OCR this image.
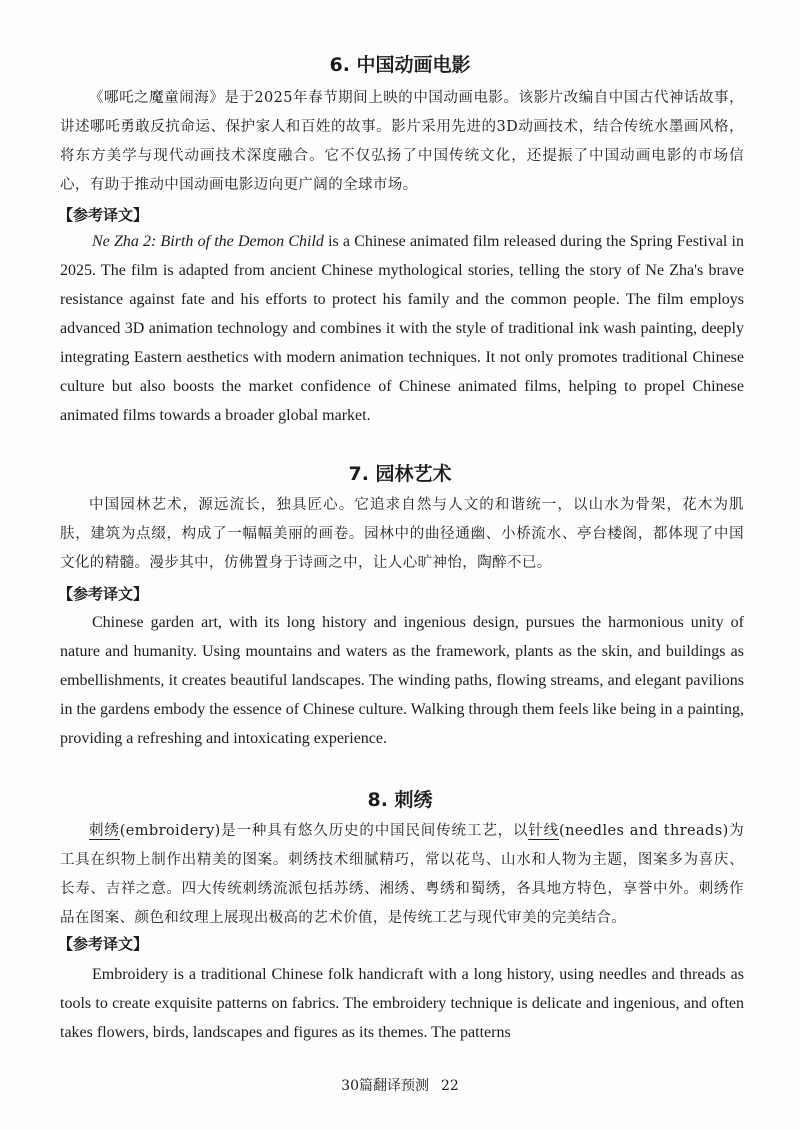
6. 中国动画电影

《哪吒之魔童闹海》是于2025年春节期间上映的中国动画电影。该影片改编自中国古代神话故事，讲述哪吒勇敢反抗命运、保护家人和百姓的故事。影片采用先进的3D动画技术，结合传统水墨画风格，将东方美学与现代动画技术深度融合。它不仅弘扬了中国传统文化，还提振了中国动画电影的市场信心，有助于推动中国动画电影迈向更广阔的全球市场。

【参考译文】

Ne Zha 2: Birth of the Demon Child is a Chinese animated film released during the Spring Festival in 2025. The film is adapted from ancient Chinese mythological stories, telling the story of Ne Zha's brave resistance against fate and his efforts to protect his family and the common people. The film employs advanced 3D animation technology and combines it with the style of traditional ink wash painting, deeply integrating Eastern aesthetics with modern animation techniques. It not only promotes traditional Chinese culture but also boosts the market confidence of Chinese animated films, helping to propel Chinese animated films towards a broader global market.

7. 园林艺术

中国园林艺术，源远流长，独具匠心。它追求自然与人文的和谐统一，以山水为骨架，花木为肌肤，建筑为点缀，构成了一幅幅美丽的画卷。园林中的曲径通幽、小桥流水、亭台楼阁，都体现了中国文化的精髓。漫步其中，仿佛置身于诗画之中，让人心旷神怡，陶醉不已。

【参考译文】

Chinese garden art, with its long history and ingenious design, pursues the harmonious unity of nature and humanity. Using mountains and waters as the framework, plants as the skin, and buildings as embellishments, it creates beautiful landscapes. The winding paths, flowing streams, and elegant pavilions in the gardens embody the essence of Chinese culture. Walking through them feels like being in a painting, providing a refreshing and intoxicating experience.

8. 刺绣

刺绣(embroidery)是一种具有悠久历史的中国民间传统工艺，以针线(needles and threads)为工具在织物上制作出精美的图案。刺绣技术细腻精巧，常以花鸟、山水和人物为主题，图案多为喜庆、长寿、吉祥之意。四大传统刺绣流派包括苏绣、湘绣、粤绣和蜀绣，各具地方特色，享誉中外。刺绣作品在图案、颜色和纹理上展现出极高的艺术价值，是传统工艺与现代审美的完美结合。

【参考译文】

Embroidery is a traditional Chinese folk handicraft with a long history, using needles and threads as tools to create exquisite patterns on fabrics. The embroidery technique is delicate and ingenious, and often takes flowers, birds, landscapes and figures as its themes. The patterns

30篇翻译预测 22
